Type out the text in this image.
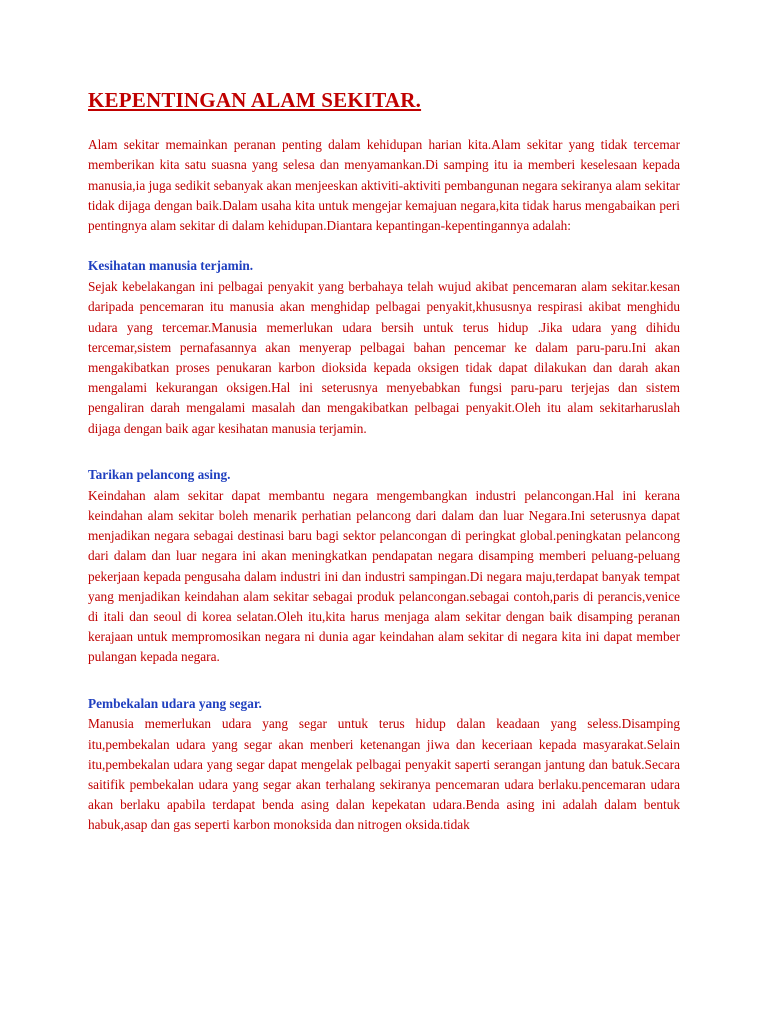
KEPENTINGAN ALAM SEKITAR.

Alam sekitar memainkan peranan penting dalam kehidupan harian kita.Alam sekitar yang tidak tercemar memberikan kita satu suasna yang selesa dan menyamankan.Di samping itu ia memberi keselesaan kepada manusia,ia juga sedikit sebanyak akan menjeeskan aktiviti-aktiviti pembangunan negara sekiranya alam sekitar tidak dijaga dengan baik.Dalam usaha kita untuk mengejar kemajuan negara,kita tidak harus mengabaikan peri pentingnya alam sekitar di dalam kehidupan.Diantara kepantingan-kepentingannya adalah:

Kesihatan manusia terjamin.

Sejak kebelakangan ini pelbagai penyakit yang berbahaya telah wujud akibat pencemaran alam sekitar.kesan daripada pencemaran itu manusia akan menghidap pelbagai penyakit,khususnya respirasi akibat menghidu udara yang tercemar.Manusia memerlukan udara bersih untuk terus hidup .Jika udara yang dihidu tercemar,sistem pernafasannya akan menyerap pelbagai bahan pencemar ke dalam paru-paru.Ini akan mengakibatkan proses penukaran karbon dioksida kepada oksigen tidak dapat dilakukan dan darah akan mengalami kekurangan oksigen.Hal ini seterusnya menyebabkan fungsi paru-paru terjejas dan sistem pengaliran darah mengalami masalah dan mengakibatkan pelbagai penyakit.Oleh itu alam sekitarharuslah dijaga dengan baik agar kesihatan manusia terjamin.

Tarikan pelancong asing.

Keindahan alam sekitar dapat membantu negara mengembangkan industri pelancongan.Hal ini kerana keindahan alam sekitar boleh menarik perhatian pelancong dari dalam dan luar Negara.Ini seterusnya dapat menjadikan negara sebagai destinasi baru bagi sektor pelancongan di peringkat global.peningkatan pelancong dari dalam dan luar negara ini akan meningkatkan pendapatan negara disamping memberi peluang-peluang pekerjaan kepada pengusaha dalam industri ini dan industri sampingan.Di negara maju,terdapat banyak tempat yang menjadikan keindahan alam sekitar sebagai produk pelancongan.sebagai contoh,paris di perancis,venice di itali dan seoul di korea selatan.Oleh itu,kita harus menjaga alam sekitar dengan baik disamping peranan kerajaan untuk mempromosikan negara ni dunia agar keindahan alam sekitar di negara kita ini dapat member pulangan kepada negara.

Pembekalan udara yang segar.

Manusia memerlukan udara yang segar untuk terus hidup dalan keadaan yang seless.Disamping itu,pembekalan udara yang segar akan menberi ketenangan jiwa dan keceriaan kepada masyarakat.Selain itu,pembekalan udara yang segar dapat mengelak pelbagai penyakit saperti serangan jantung dan batuk.Secara saitifik pembekalan udara yang segar akan terhalang sekiranya pencemaran udara berlaku.pencemaran udara akan berlaku apabila terdapat benda asing dalan kepekatan udara.Benda asing ini adalah dalam bentuk habuk,asap dan gas seperti karbon monoksida dan nitrogen oksida.tidak
